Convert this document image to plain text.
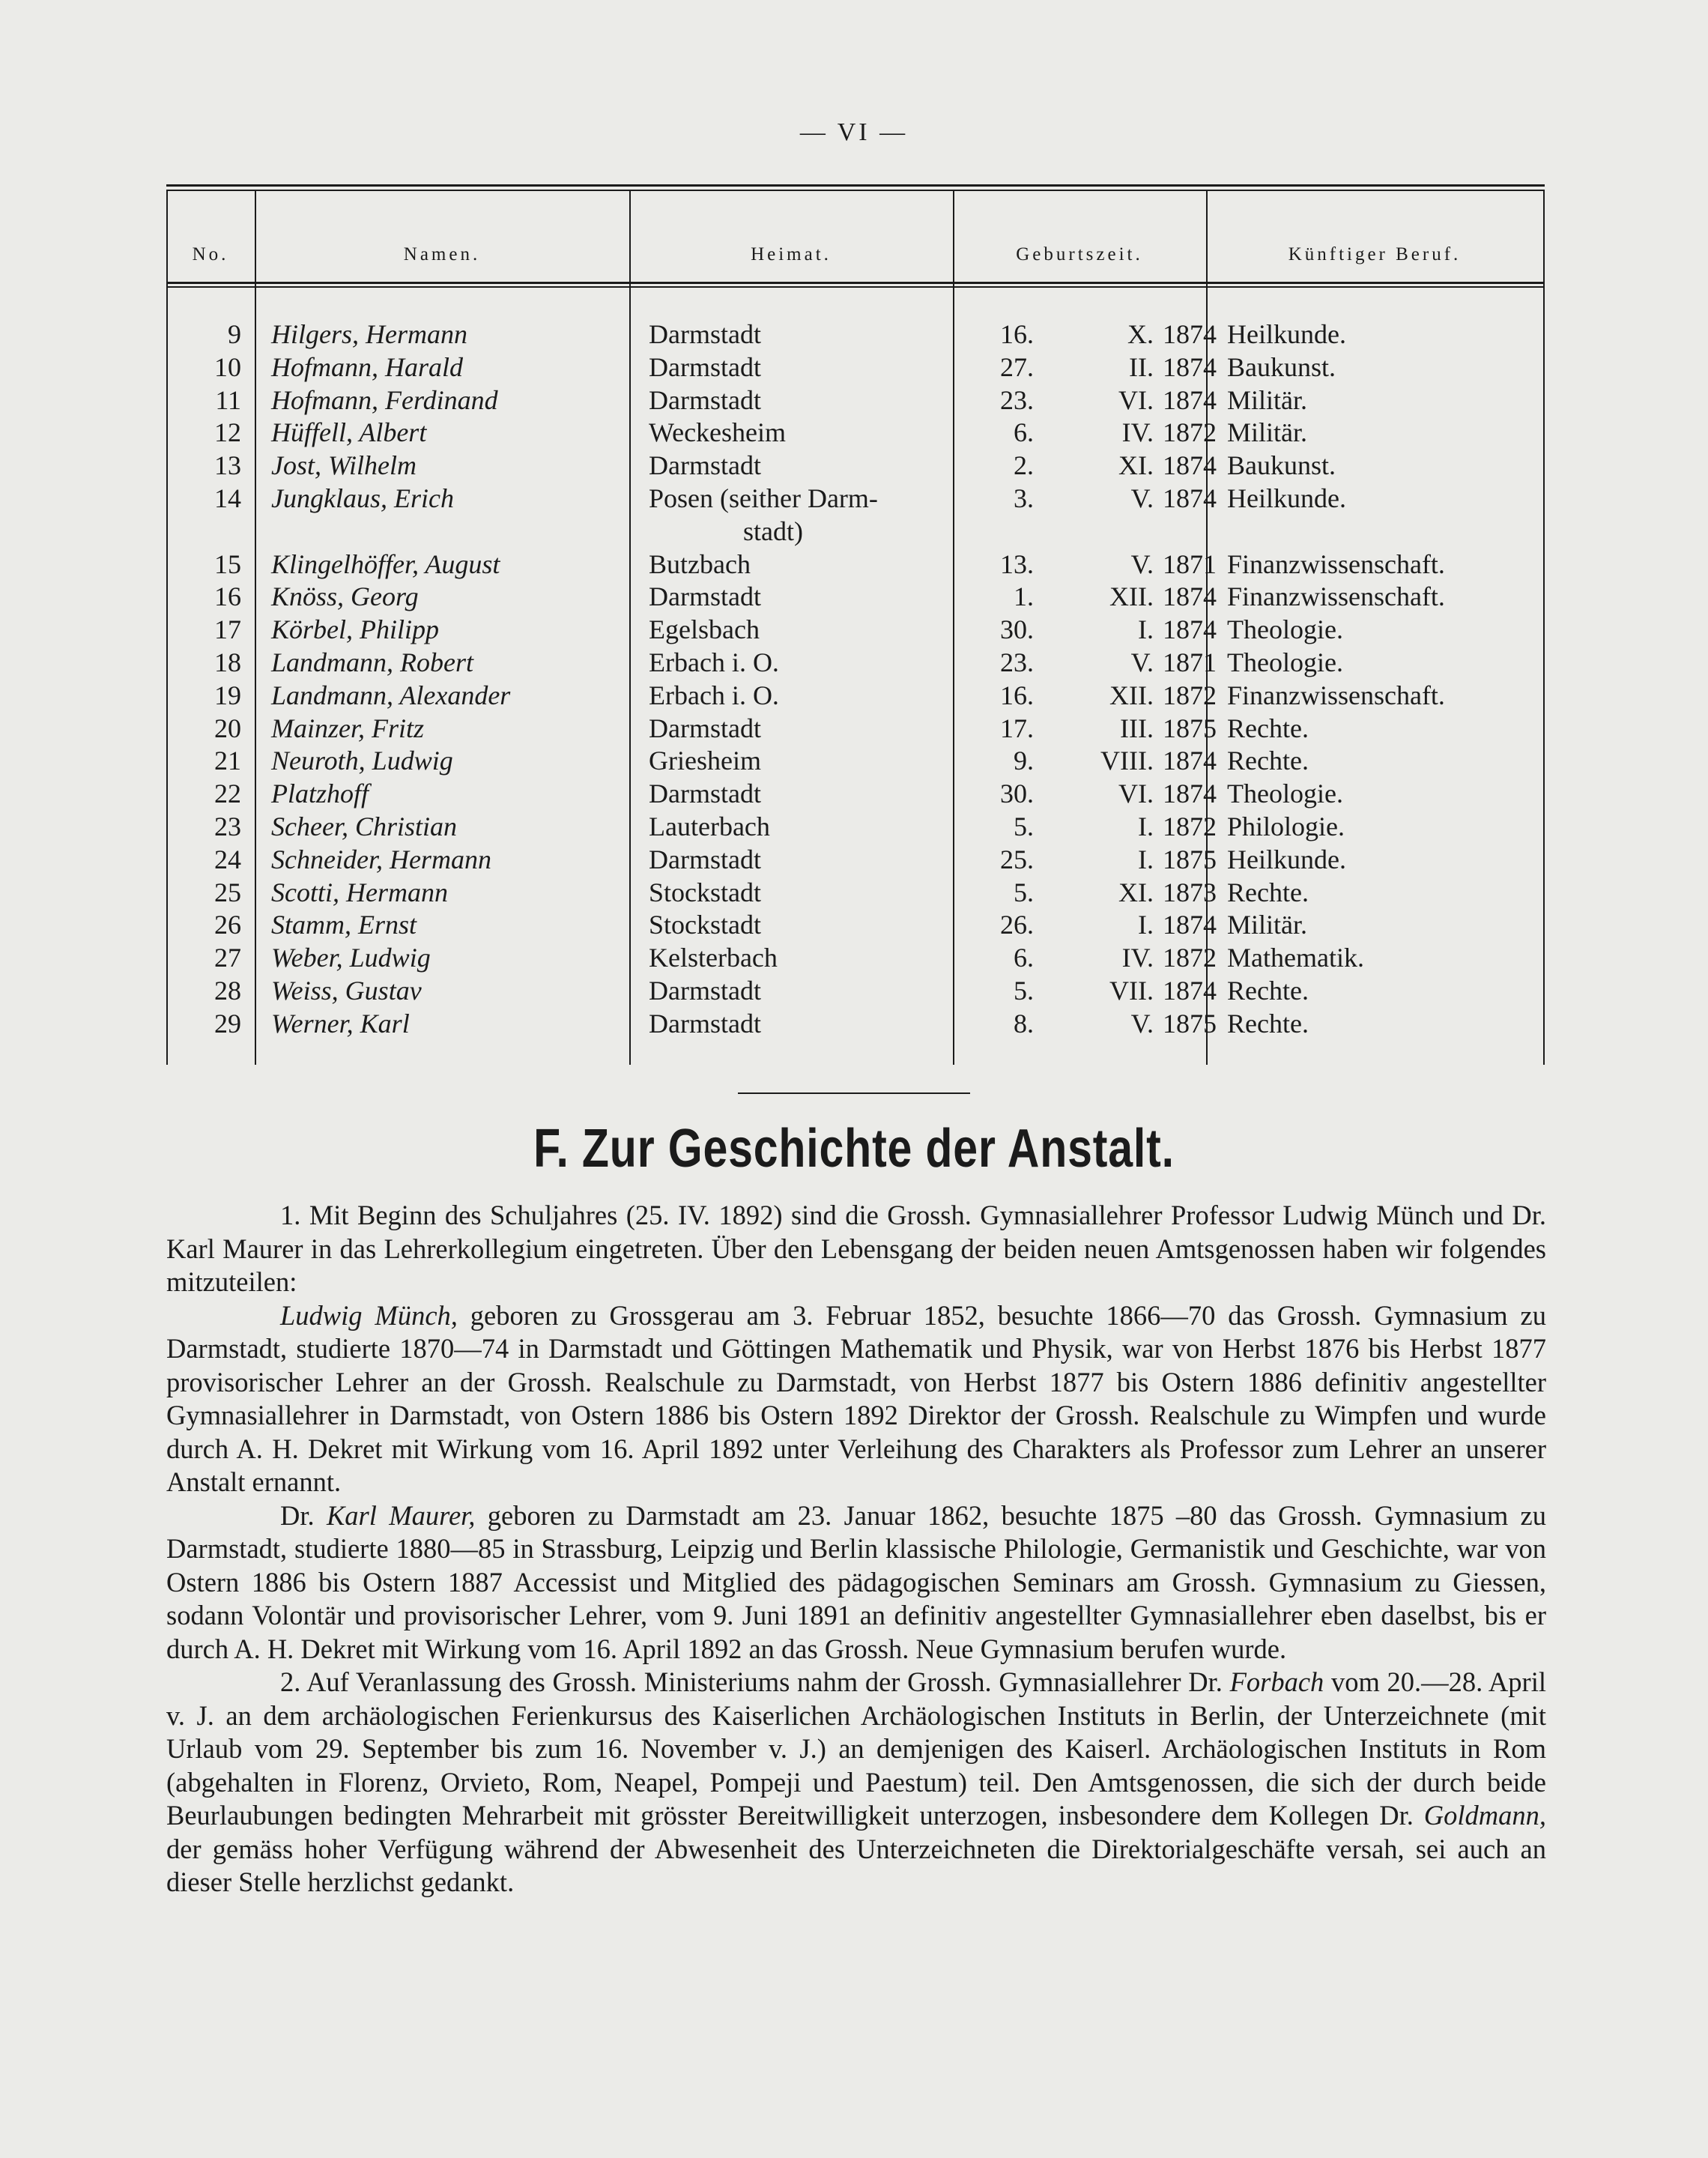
— VI —
No.	Namen.	Heimat.	Geburtszeit.	Künftiger Beruf.
9 Hilgers, Hermann	Darmstadt	16.	X. 1874 Heilkunde.
10 Hofmann, Harald	Darmstadt	27.	II. 1874 Baukunst.
11 Hofmann, Ferdinand	Darmstadt	23.	VI. 1874 Militär.
12 Hüffell, Albert	Weckesheim	6.	IV. 1872 Militär.
13 Jost, Wilhelm	Darmstadt	2.	XI. 1874 Baukunst.
14 Jungklaus, Erich	Posen (seither Darm-	3.	V. 1874 Heilkunde.
stadt)
15 Klingelhöffer, August	Butzbach	13.	V. 1871 Finanzwissenschaft.
16 Knöss, Georg	Darmstadt	1.	XII. 1874 Finanzwissenschaft.
17 Körbel, Philipp	Egelsbach	30.	I. 1874 Theologie.
18 Landmann, Robert	Erbach i. O.	23.	V. 1871 Theologie.
19 Landmann, Alexander	Erbach i. O.	16.	XII. 1872 Finanzwissenschaft.
20 Mainzer, Fritz	Darmstadt	17.	III. 1875 Rechte.
21 Neuroth, Ludwig	Griesheim	9.	VIII. 1874 Rechte.
22 Platzhoff	Darmstadt	30.	VI. 1874 Theologie.
23 Scheer, Christian	Lauterbach	5.	I. 1872 Philologie.
24 Schneider, Hermann	Darmstadt	25.	I. 1875 Heilkunde.
25 Scotti, Hermann	Stockstadt	5.	XI. 1873 Rechte.
26 Stamm, Ernst	Stockstadt	26.	I. 1874 Militär.
27 Weber, Ludwig	Kelsterbach	6.	IV. 1872 Mathematik.
28 Weiss, Gustav	Darmstadt	5.	VII. 1874 Rechte.
29 Werner, Karl	Darmstadt	8.	V. 1875 Rechte.
F. Zur Geschichte der Anstalt.

1. Mit Beginn des Schuljahres (25. IV. 1892) sind die Grossh. Gymnasiallehrer Professor Ludwig Münch und Dr. Karl Maurer in das Lehrerkollegium eingetreten. Über den Lebensgang der beiden neuen Amtsgenossen haben wir folgendes mitzuteilen:

Ludwig Münch, geboren zu Grossgerau am 3. Februar 1852, besuchte 1866—70 das Grossh. Gymnasium zu Darmstadt, studierte 1870—74 in Darmstadt und Göttingen Mathematik und Physik, war von Herbst 1876 bis Herbst 1877 provisorischer Lehrer an der Grossh. Realschule zu Darmstadt, von Herbst 1877 bis Ostern 1886 definitiv angestellter Gymnasiallehrer in Darmstadt, von Ostern 1886 bis Ostern 1892 Direktor der Grossh. Realschule zu Wimpfen und wurde durch A. H. Dekret mit Wirkung vom 16. April 1892 unter Verleihung des Charakters als Professor zum Lehrer an unserer Anstalt ernannt.

Dr. Karl Maurer, geboren zu Darmstadt am 23. Januar 1862, besuchte 1875 –80 das Grossh. Gymnasium zu Darmstadt, studierte 1880—85 in Strassburg, Leipzig und Berlin klassische Philologie, Germanistik und Geschichte, war von Ostern 1886 bis Ostern 1887 Accessist und Mitglied des pädagogischen Seminars am Grossh. Gymnasium zu Giessen, sodann Volontär und provisorischer Lehrer, vom 9. Juni 1891 an definitiv angestellter Gymnasiallehrer eben daselbst, bis er durch A. H. Dekret mit Wirkung vom 16. April 1892 an das Grossh. Neue Gymnasium berufen wurde.

2. Auf Veranlassung des Grossh. Ministeriums nahm der Grossh. Gymnasiallehrer Dr. Forbach vom 20.—28. April v. J. an dem archäologischen Ferienkursus des Kaiserlichen Archäologischen Instituts in Berlin, der Unterzeichnete (mit Urlaub vom 29. September bis zum 16. November v. J.) an demjenigen des Kaiserl. Archäologischen Instituts in Rom (abgehalten in Florenz, Orvieto, Rom, Neapel, Pompeji und Paestum) teil. Den Amtsgenossen, die sich der durch beide Beurlaubungen bedingten Mehrarbeit mit grösster Bereitwilligkeit unterzogen, insbesondere dem Kollegen Dr. Goldmann, der gemäss hoher Verfügung während der Abwesenheit des Unterzeichneten die Direktorialgeschäfte versah, sei auch an dieser Stelle herzlichst gedankt.
